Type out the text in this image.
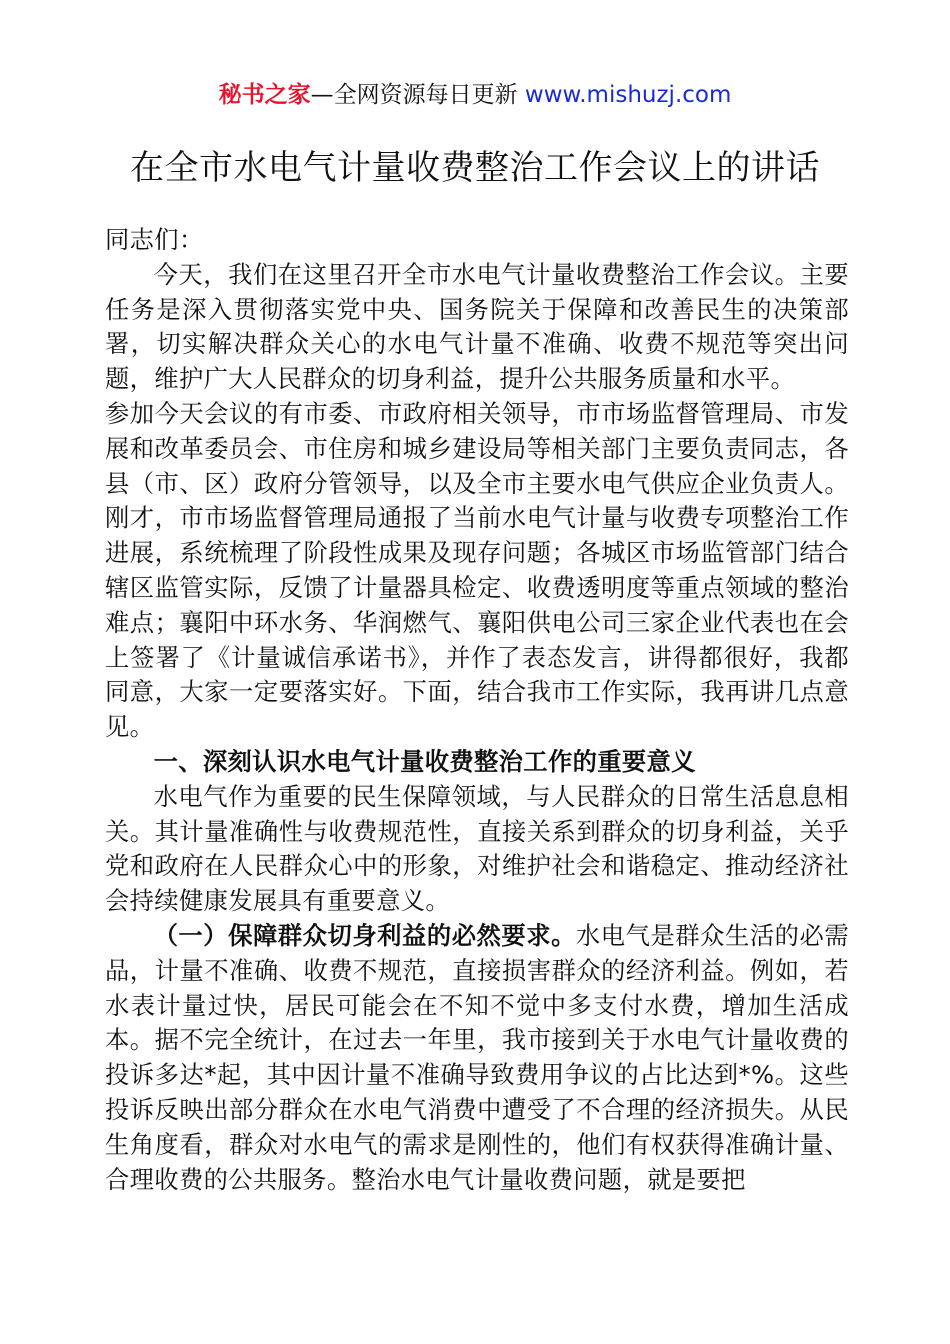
秘书之家—全网资源每日更新 www.mishuzj.com
在全市水电气计量收费整治工作会议上的讲话

同志们：

今天，我们在这里召开全市水电气计量收费整治工作会议。主要任务是深入贯彻落实党中央、国务院关于保障和改善民生的决策部署，切实解决群众关心的水电气计量不准确、收费不规范等突出问题，维护广大人民群众的切身利益，提升公共服务质量和水平。

参加今天会议的有市委、市政府相关领导，市市场监督管理局、市发展和改革委员会、市住房和城乡建设局等相关部门主要负责同志，各县（市、区）政府分管领导，以及全市主要水电气供应企业负责人。刚才，市市场监督管理局通报了当前水电气计量与收费专项整治工作进展，系统梳理了阶段性成果及现存问题；各城区市场监管部门结合辖区监管实际，反馈了计量器具检定、收费透明度等重点领域的整治难点；襄阳中环水务、华润燃气、襄阳供电公司三家企业代表也在会上签署了《计量诚信承诺书》，并作了表态发言，讲得都很好，我都同意，大家一定要落实好。下面，结合我市工作实际，我再讲几点意见。

一、深刻认识水电气计量收费整治工作的重要意义

水电气作为重要的民生保障领域，与人民群众的日常生活息息相关。其计量准确性与收费规范性，直接关系到群众的切身利益，关乎党和政府在人民群众心中的形象，对维护社会和谐稳定、推动经济社会持续健康发展具有重要意义。

（一）保障群众切身利益的必然要求。水电气是群众生活的必需品，计量不准确、收费不规范，直接损害群众的经济利益。例如，若水表计量过快，居民可能会在不知不觉中多支付水费，增加生活成本。据不完全统计，在过去一年里，我市接到关于水电气计量收费的投诉多达*起，其中因计量不准确导致费用争议的占比达到*%。这些投诉反映出部分群众在水电气消费中遭受了不合理的经济损失。从民生角度看，群众对水电气的需求是刚性的，他们有权获得准确计量、合理收费的公共服务。整治水电气计量收费问题，就是要把
